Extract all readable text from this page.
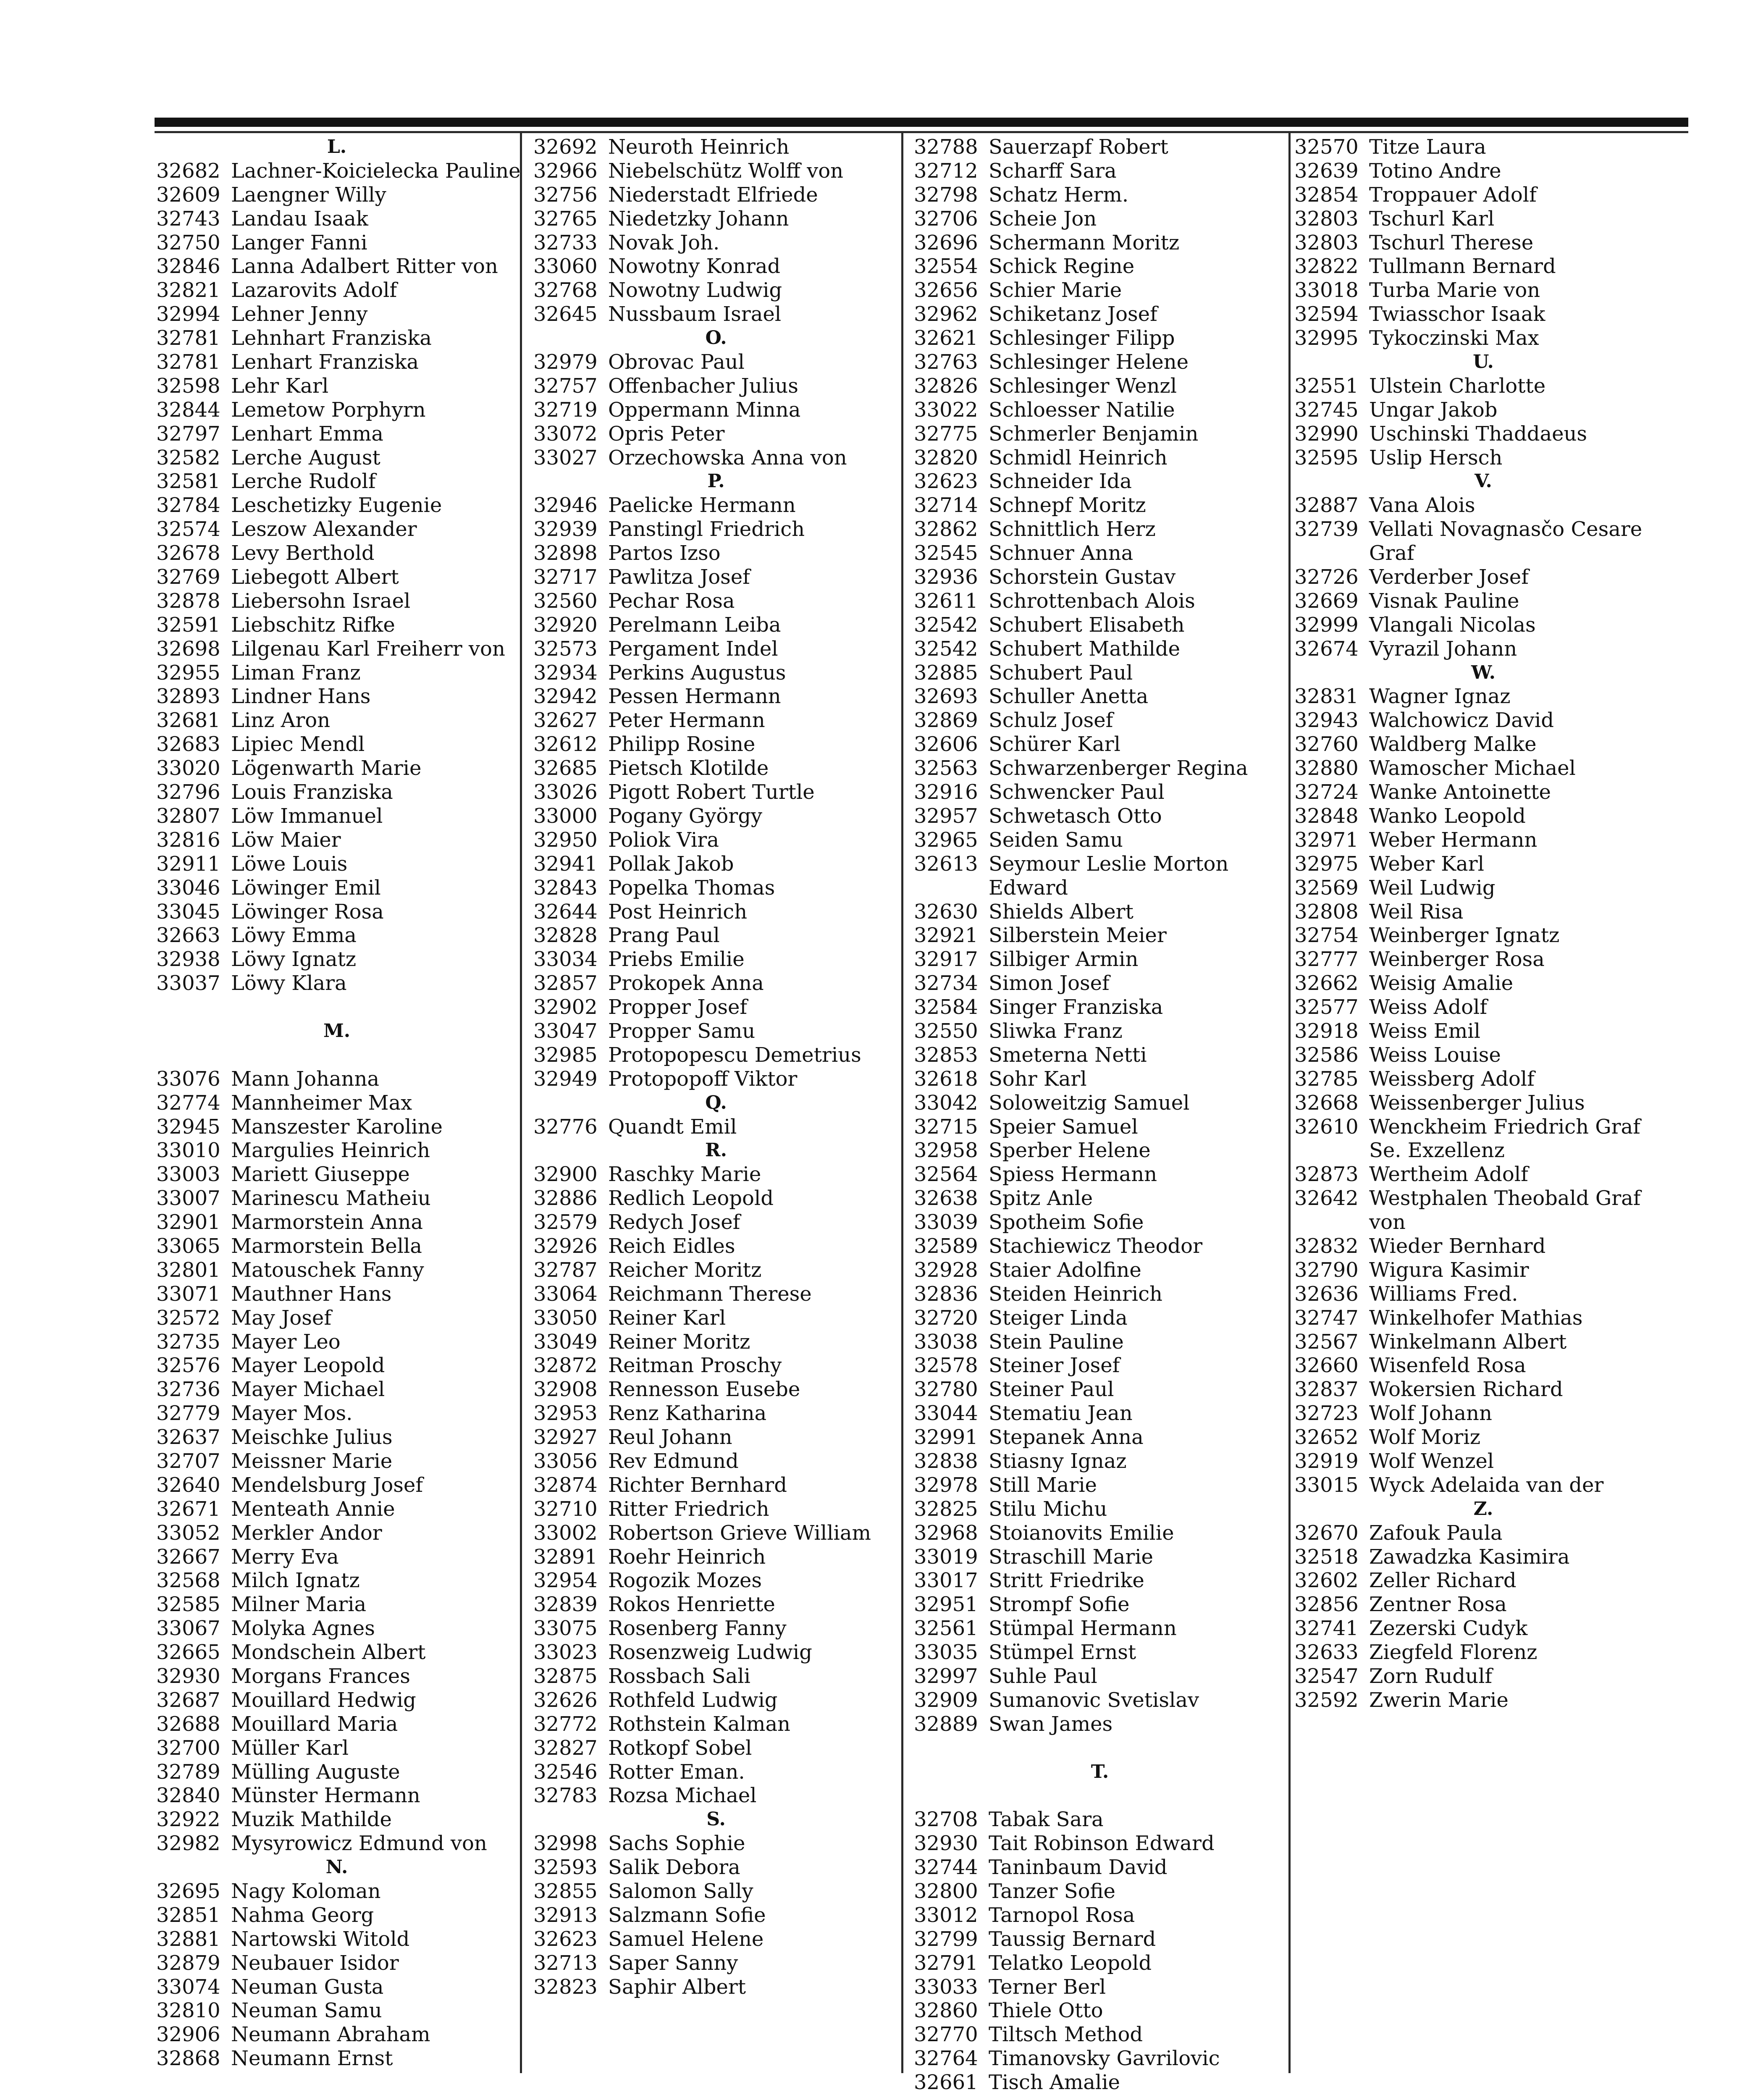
L.
32682 Lachner-Koicielecka Pauline
32609 Laengner Willy
32743 Landau Isaak
32750 Langer Fanni
32846 Lanna Adalbert Ritter von
32821 Lazarovits Adolf
32994 Lehner Jenny
32781 Lehnhart Franziska
32781 Lenhart Franziska
32598 Lehr Karl
32844 Lemetow Porphyrn
32797 Lenhart Emma
32582 Lerche August
32581 Lerche Rudolf
32784 Leschetizky Eugenie
32574 Leszow Alexander
32678 Levy Berthold
32769 Liebegott Albert
32878 Liebersohn Israel
32591 Liebschitz Rifke
32698 Lilgenau Karl Freiherr von
32955 Liman Franz
32893 Lindner Hans
32681 Linz Aron
32683 Lipiec Mendl
33020 Lögenwarth Marie
32796 Louis Franziska
32807 Löw Immanuel
32816 Löw Maier
32911 Löwe Louis
33046 Löwinger Emil
33045 Löwinger Rosa
32663 Löwy Emma
32938 Löwy Ignatz
33037 Löwy Klara
M.
33076 Mann Johanna
32774 Mannheimer Max
32945 Manszester Karoline
33010 Margulies Heinrich
33003 Mariett Giuseppe
33007 Marinescu Matheiu
32901 Marmorstein Anna
33065 Marmorstein Bella
32801 Matouschek Fanny
33071 Mauthner Hans
32572 May Josef
32735 Mayer Leo
32576 Mayer Leopold
32736 Mayer Michael
32779 Mayer Mos.
32637 Meischke Julius
32707 Meissner Marie
32640 Mendelsburg Josef
32671 Menteath Annie
33052 Merkler Andor
32667 Merry Eva
32568 Milch Ignatz
32585 Milner Maria
33067 Molyka Agnes
32665 Mondschein Albert
32930 Morgans Frances
32687 Mouillard Hedwig
32688 Mouillard Maria
32700 Müller Karl
32789 Mülling Auguste
32840 Münster Hermann
32922 Muzik Mathilde
32982 Mysyrowicz Edmund von
N.
32695 Nagy Koloman
32851 Nahma Georg
32881 Nartowski Witold
32879 Neubauer Isidor
33074 Neuman Gusta
32810 Neuman Samu
32906 Neumann Abraham
32868 Neumann Ernst
32692 Neuroth Heinrich
32966 Niebelschütz Wolff von
32756 Niederstadt Elfriede
32765 Niedetzky Johann
32733 Novak Joh.
33060 Nowotny Konrad
32768 Nowotny Ludwig
32645 Nussbaum Israel
O.
32979 Obrovac Paul
32757 Offenbacher Julius
32719 Oppermann Minna
33072 Opris Peter
33027 Orzechowska Anna von
P.
32946 Paelicke Hermann
32939 Panstingl Friedrich
32898 Partos Izso
32717 Pawlitza Josef
32560 Pechar Rosa
32920 Perelmann Leiba
32573 Pergament Indel
32934 Perkins Augustus
32942 Pessen Hermann
32627 Peter Hermann
32612 Philipp Rosine
32685 Pietsch Klotilde
33026 Pigott Robert Turtle
33000 Pogany György
32950 Poliok Vira
32941 Pollak Jakob
32843 Popelka Thomas
32644 Post Heinrich
32828 Prang Paul
33034 Priebs Emilie
32857 Prokopek Anna
32902 Propper Josef
33047 Propper Samu
32985 Protopopescu Demetrius
32949 Protopopoff Viktor
Q.
32776 Quandt Emil
R.
32900 Raschky Marie
32886 Redlich Leopold
32579 Redych Josef
32926 Reich Eidles
32787 Reicher Moritz
33064 Reichmann Therese
33050 Reiner Karl
33049 Reiner Moritz
32872 Reitman Proschy
32908 Rennesson Eusebe
32953 Renz Katharina
32927 Reul Johann
33056 Rev Edmund
32874 Richter Bernhard
32710 Ritter Friedrich
33002 Robertson Grieve William
32891 Roehr Heinrich
32954 Rogozik Mozes
32839 Rokos Henriette
33075 Rosenberg Fanny
33023 Rosenzweig Ludwig
32875 Rossbach Sali
32626 Rothfeld Ludwig
32772 Rothstein Kalman
32827 Rotkopf Sobel
32546 Rotter Eman.
32783 Rozsa Michael
S.
32998 Sachs Sophie
32593 Salik Debora
32855 Salomon Sally
32913 Salzmann Sofie
32623 Samuel Helene
32713 Saper Sanny
32823 Saphir Albert
32788 Sauerzapf Robert
32712 Scharff Sara
32798 Schatz Herm.
32706 Scheie Jon
32696 Schermann Moritz
32554 Schick Regine
32656 Schier Marie
32962 Schiketanz Josef
32621 Schlesinger Filipp
32763 Schlesinger Helene
32826 Schlesinger Wenzl
33022 Schloesser Natilie
32775 Schmerler Benjamin
32820 Schmidl Heinrich
32623 Schneider Ida
32714 Schnepf Moritz
32862 Schnittlich Herz
32545 Schnuer Anna
32936 Schorstein Gustav
32611 Schrottenbach Alois
32542 Schubert Elisabeth
32542 Schubert Mathilde
32885 Schubert Paul
32693 Schuller Anetta
32869 Schulz Josef
32606 Schürer Karl
32563 Schwarzenberger Regina
32916 Schwencker Paul
32957 Schwetasch Otto
32965 Seiden Samu
32613 Seymour Leslie Morton
Edward
32630 Shields Albert
32921 Silberstein Meier
32917 Silbiger Armin
32734 Simon Josef
32584 Singer Franziska
32550 Sliwka Franz
32853 Smeterna Netti
32618 Sohr Karl
33042 Soloweitzig Samuel
32715 Speier Samuel
32958 Sperber Helene
32564 Spiess Hermann
32638 Spitz Anle
33039 Spotheim Sofie
32589 Stachiewicz Theodor
32928 Staier Adolfine
32836 Steiden Heinrich
32720 Steiger Linda
33038 Stein Pauline
32578 Steiner Josef
32780 Steiner Paul
33044 Stematiu Jean
32991 Stepanek Anna
32838 Stiasny Ignaz
32978 Still Marie
32825 Stilu Michu
32968 Stoianovits Emilie
33019 Straschill Marie
33017 Stritt Friedrike
32951 Strompf Sofie
32561 Stümpal Hermann
33035 Stümpel Ernst
32997 Suhle Paul
32909 Sumanovic Svetislav
32889 Swan James
T.
32708 Tabak Sara
32930 Tait Robinson Edward
32744 Taninbaum David
32800 Tanzer Sofie
33012 Tarnopol Rosa
32799 Taussig Bernard
32791 Telatko Leopold
33033 Terner Berl
32860 Thiele Otto
32770 Tiltsch Method
32764 Timanovsky Gavrilovic
32661 Tisch Amalie
32570 Titze Laura
32639 Totino Andre
32854 Troppauer Adolf
32803 Tschurl Karl
32803 Tschurl Therese
32822 Tullmann Bernard
33018 Turba Marie von
32594 Twiasschor Isaak
32995 Tykoczinski Max
U.
32551 Ulstein Charlotte
32745 Ungar Jakob
32990 Uschinski Thaddaeus
32595 Uslip Hersch
V.
32887 Vana Alois
32739 Vellati Novagnasčo Cesare
Graf
32726 Verderber Josef
32669 Visnak Pauline
32999 Vlangali Nicolas
32674 Vyrazil Johann
W.
32831 Wagner Ignaz
32943 Walchowicz David
32760 Waldberg Malke
32880 Wamoscher Michael
32724 Wanke Antoinette
32848 Wanko Leopold
32971 Weber Hermann
32975 Weber Karl
32569 Weil Ludwig
32808 Weil Risa
32754 Weinberger Ignatz
32777 Weinberger Rosa
32662 Weisig Amalie
32577 Weiss Adolf
32918 Weiss Emil
32586 Weiss Louise
32785 Weissberg Adolf
32668 Weissenberger Julius
32610 Wenckheim Friedrich Graf
Se. Exzellenz
32873 Wertheim Adolf
32642 Westphalen Theobald Graf
von
32832 Wieder Bernhard
32790 Wigura Kasimir
32636 Williams Fred.
32747 Winkelhofer Mathias
32567 Winkelmann Albert
32660 Wisenfeld Rosa
32837 Wokersien Richard
32723 Wolf Johann
32652 Wolf Moriz
32919 Wolf Wenzel
33015 Wyck Adelaida van der
Z.
32670 Zafouk Paula
32518 Zawadzka Kasimira
32602 Zeller Richard
32856 Zentner Rosa
32741 Zezerski Cudyk
32633 Ziegfeld Florenz
32547 Zorn Rudulf
32592 Zwerin Marie
